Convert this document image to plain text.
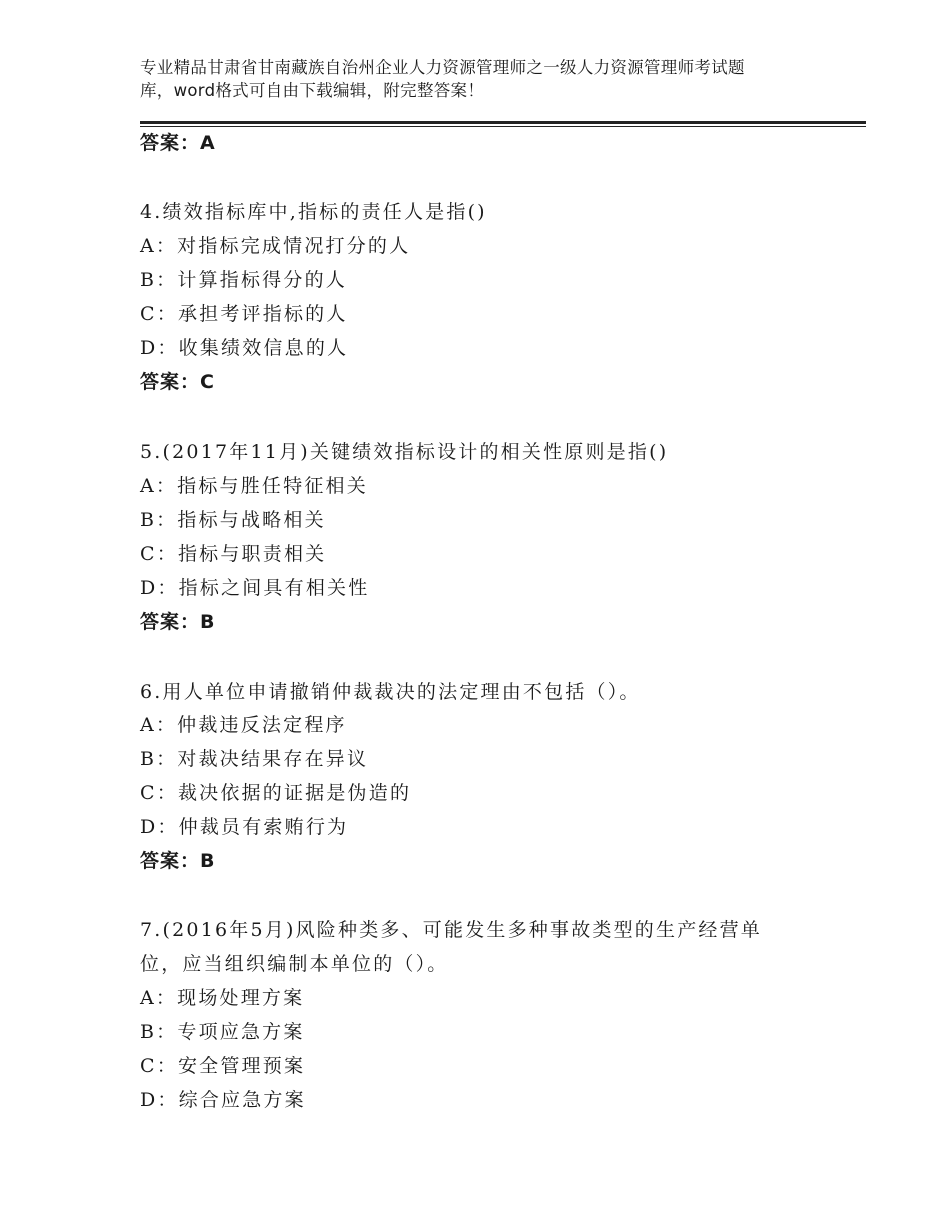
专业精品甘肃省甘南藏族自治州企业人力资源管理师之一级人力资源管理师考试题
库，word格式可自由下载编辑，附完整答案！
答案：A
4.绩效指标库中,指标的责任人是指()
A：对指标完成情况打分的人
B：计算指标得分的人
C：承担考评指标的人
D：收集绩效信息的人
答案：C
5.(2017年11月)关键绩效指标设计的相关性原则是指()
A：指标与胜任特征相关
B：指标与战略相关
C：指标与职责相关
D：指标之间具有相关性
答案：B
6.用人单位申请撤销仲裁裁决的法定理由不包括（）。
A：仲裁违反法定程序
B：对裁决结果存在异议
C：裁决依据的证据是伪造的
D：仲裁员有索贿行为
答案：B
7.(2016年5月)风险种类多、可能发生多种事故类型的生产经营单位，应当组织编制本单位的（）。
A：现场处理方案
B：专项应急方案
C：安全管理预案
D：综合应急方案
